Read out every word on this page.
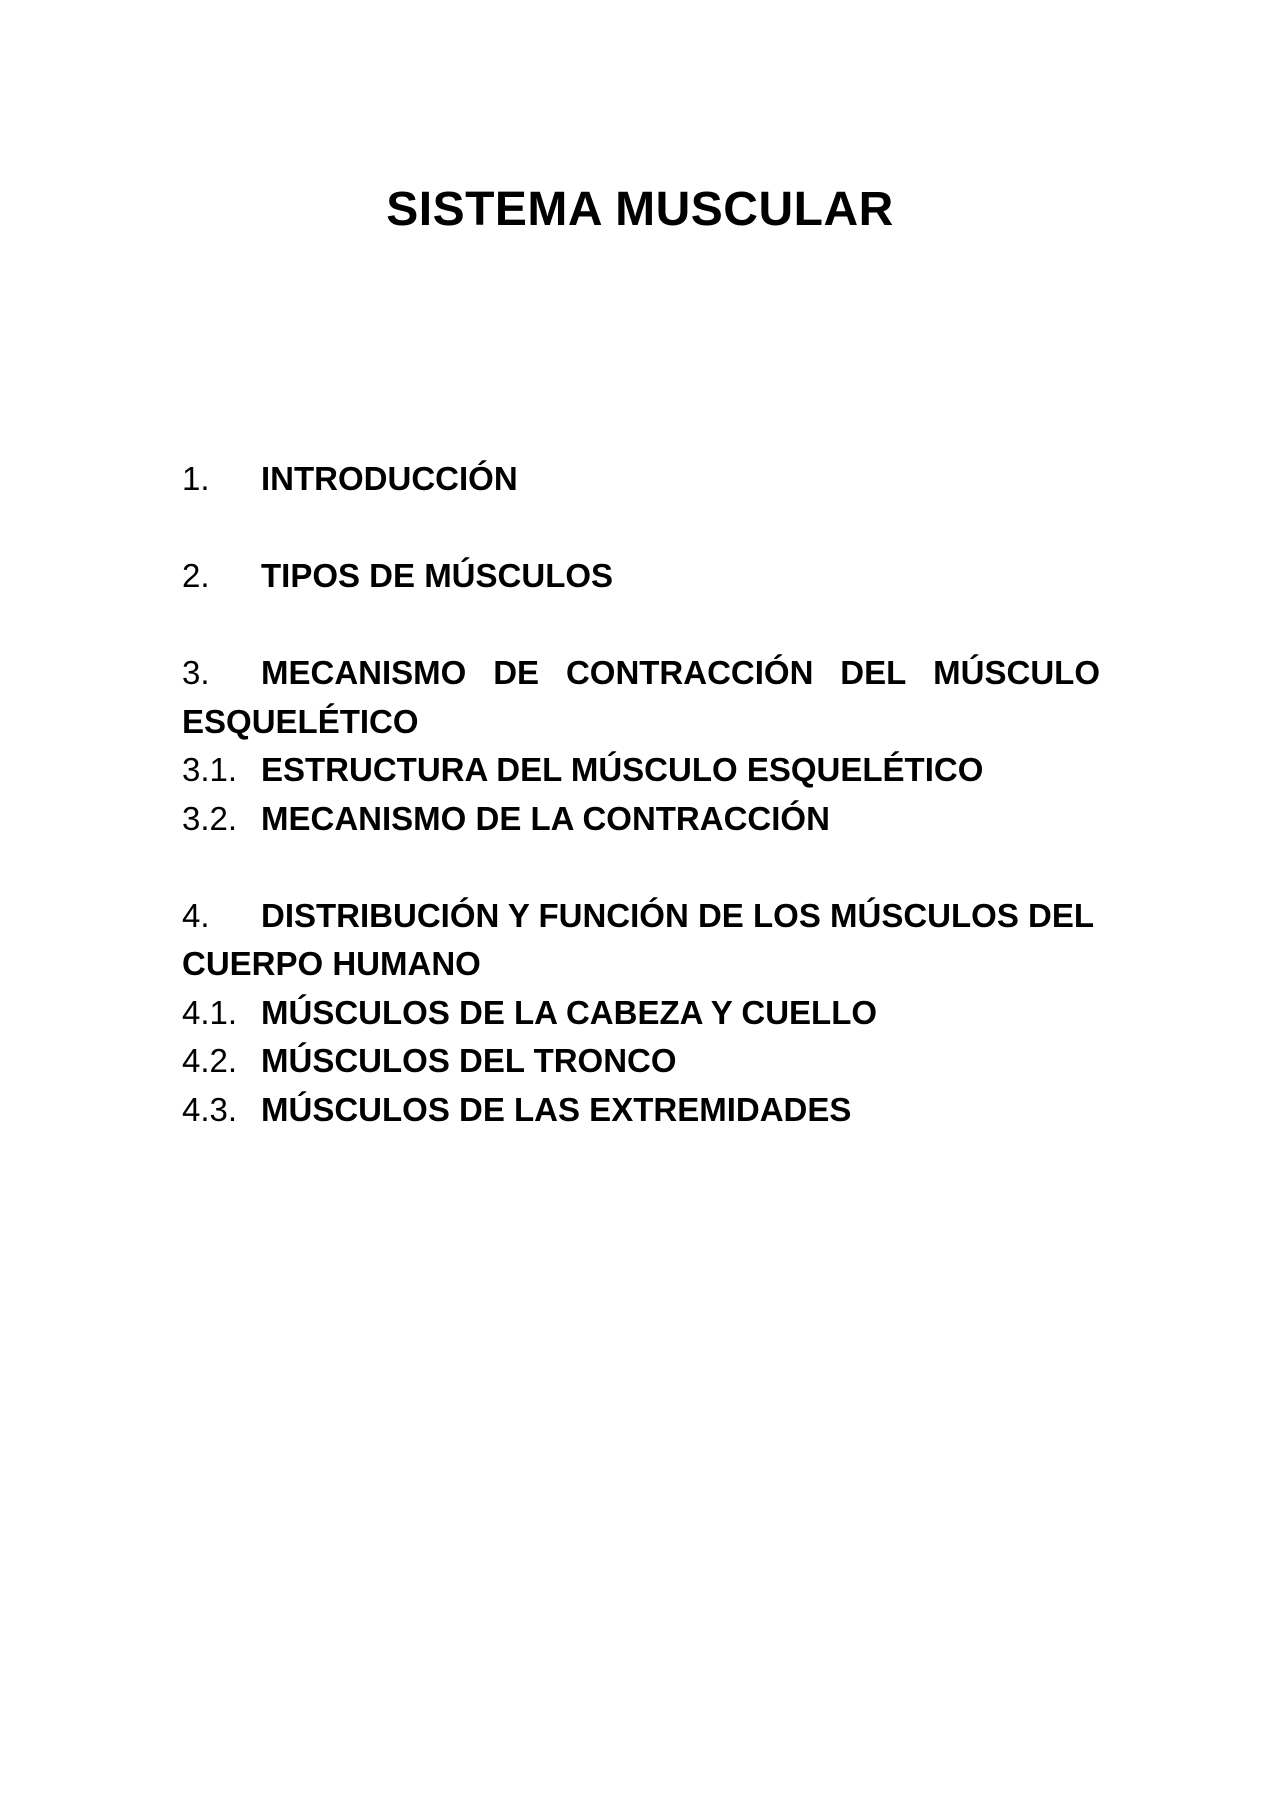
SISTEMA MUSCULAR
1.	INTRODUCCIÓN
2.	TIPOS DE MÚSCULOS
3.	MECANISMO DE CONTRACCIÓN DEL MÚSCULO
ESQUELÉTICO
3.1. ESTRUCTURA DEL MÚSCULO ESQUELÉTICO
3.2. MECANISMO DE LA CONTRACCIÓN
4.	DISTRIBUCIÓN Y FUNCIÓN DE LOS MÚSCULOS DEL
CUERPO HUMANO
4.1. MÚSCULOS DE LA CABEZA Y CUELLO
4.2. MÚSCULOS DEL TRONCO
4.3. MÚSCULOS DE LAS EXTREMIDADES
